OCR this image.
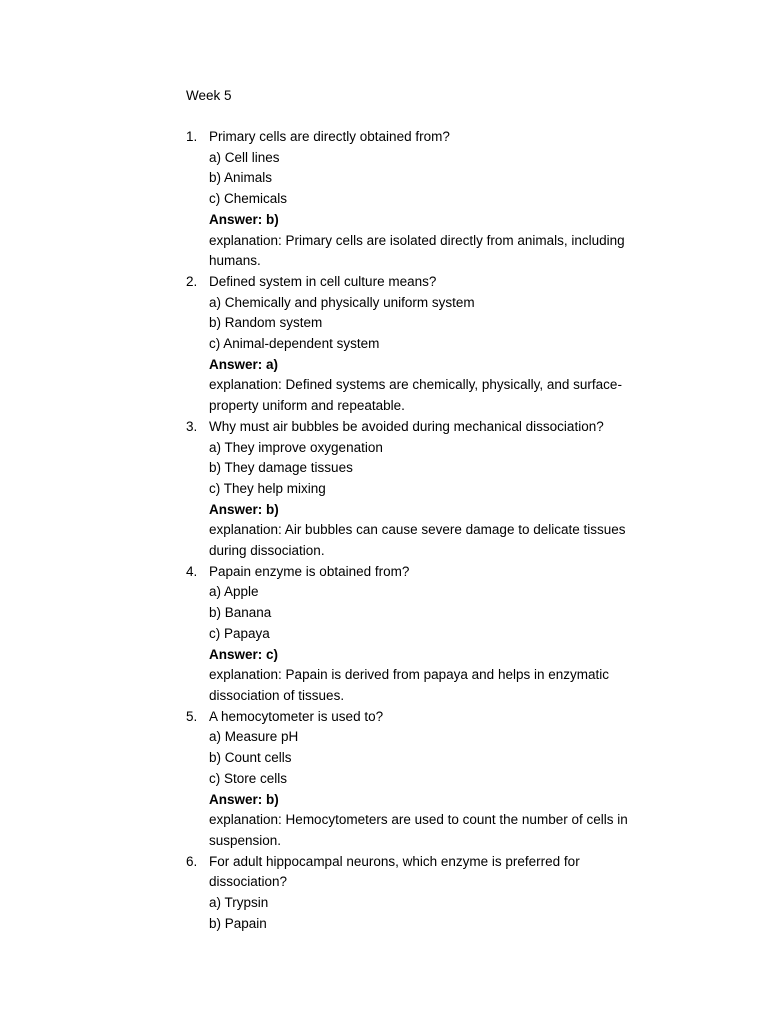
Week 5
1. Primary cells are directly obtained from?
a) Cell lines
b) Animals
c) Chemicals
Answer: b)
explanation: Primary cells are isolated directly from animals, including humans.
2. Defined system in cell culture means?
a) Chemically and physically uniform system
b) Random system
c) Animal-dependent system
Answer: a)
explanation: Defined systems are chemically, physically, and surface-property uniform and repeatable.
3. Why must air bubbles be avoided during mechanical dissociation?
a) They improve oxygenation
b) They damage tissues
c) They help mixing
Answer: b)
explanation: Air bubbles can cause severe damage to delicate tissues during dissociation.
4. Papain enzyme is obtained from?
a) Apple
b) Banana
c) Papaya
Answer: c)
explanation: Papain is derived from papaya and helps in enzymatic dissociation of tissues.
5. A hemocytometer is used to?
a) Measure pH
b) Count cells
c) Store cells
Answer: b)
explanation: Hemocytometers are used to count the number of cells in suspension.
6. For adult hippocampal neurons, which enzyme is preferred for dissociation?
a) Trypsin
b) Papain
